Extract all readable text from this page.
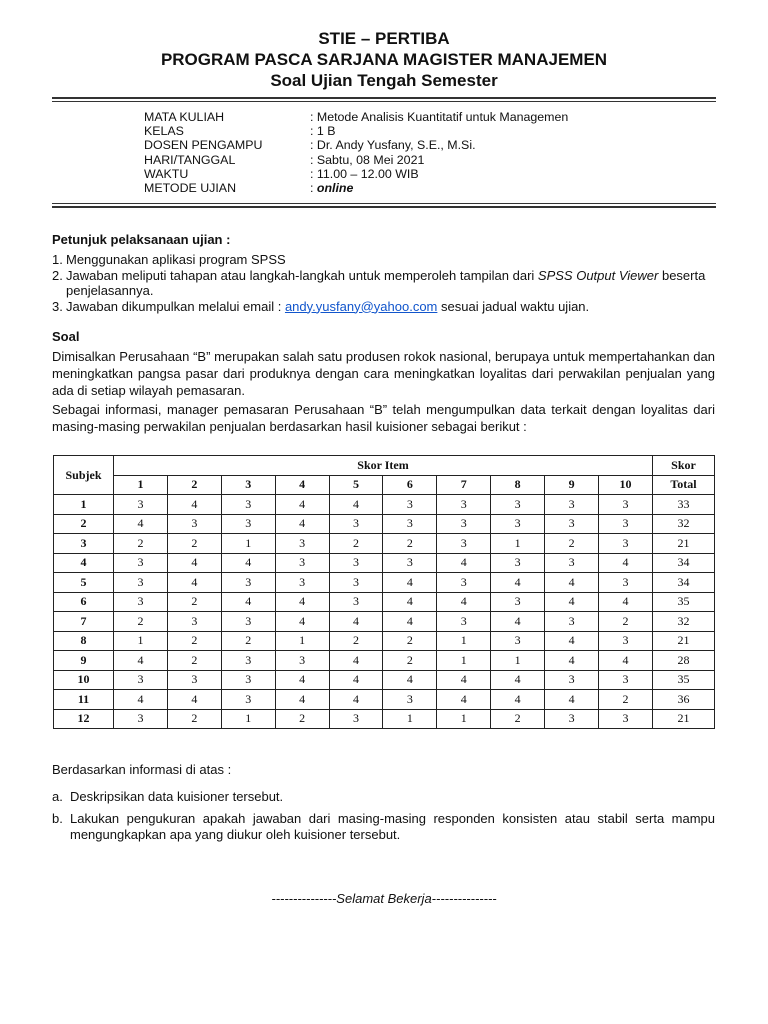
STIE – PERTIBA
PROGRAM PASCA SARJANA MAGISTER MANAJEMEN
Soal Ujian Tengah Semester
MATA KULIAH	: Metode Analisis Kuantitatif untuk Managemen
KELAS	: 1 B
DOSEN PENGAMPU	: Dr. Andy Yusfany, S.E., M.Si.
HARI/TANGGAL	: Sabtu, 08 Mei 2021
WAKTU	: 11.00 – 12.00 WIB
METODE UJIAN	: online
Petunjuk pelaksanaan ujian :
1. Menggunakan aplikasi program SPSS
2. Jawaban meliputi tahapan atau langkah-langkah untuk memperoleh tampilan dari SPSS Output Viewer beserta penjelasannya.
3. Jawaban dikumpulkan melalui email : andy.yusfany@yahoo.com sesuai jadual waktu ujian.
Soal
Dimisalkan Perusahaan “B” merupakan salah satu produsen rokok nasional, berupaya untuk mempertahankan dan meningkatkan pangsa pasar dari produknya dengan cara meningkatkan loyalitas dari perwakilan penjualan yang ada di setiap wilayah pemasaran.
Sebagai informasi, manager pemasaran Perusahaan “B” telah mengumpulkan data terkait dengan loyalitas dari masing-masing perwakilan penjualan berdasarkan hasil kuisioner sebagai berikut :
Subjek	Skor Item										Skor
	1	2	3	4	5	6	7	8	9	10	Total
1	3	4	3	4	4	3	3	3	3	3	33
2	4	3	3	4	3	3	3	3	3	3	32
3	2	2	1	3	2	2	3	1	2	3	21
4	3	4	4	3	3	3	4	3	3	4	34
5	3	4	3	3	3	4	3	4	4	3	34
6	3	2	4	4	3	4	4	3	4	4	35
7	2	3	3	4	4	4	3	4	3	2	32
8	1	2	2	1	2	2	1	3	4	3	21
9	4	2	3	3	4	2	1	1	4	4	28
10	3	3	3	4	4	4	4	4	3	3	35
11	4	4	3	4	4	3	4	4	4	2	36
12	3	2	1	2	3	1	1	2	3	3	21
Berdasarkan informasi di atas :
a. Deskripsikan data kuisioner tersebut.
b. Lakukan pengukuran apakah jawaban dari masing-masing responden konsisten atau stabil serta mampu mengungkapkan apa yang diukur oleh kuisioner tersebut.
---------------Selamat Bekerja---------------
